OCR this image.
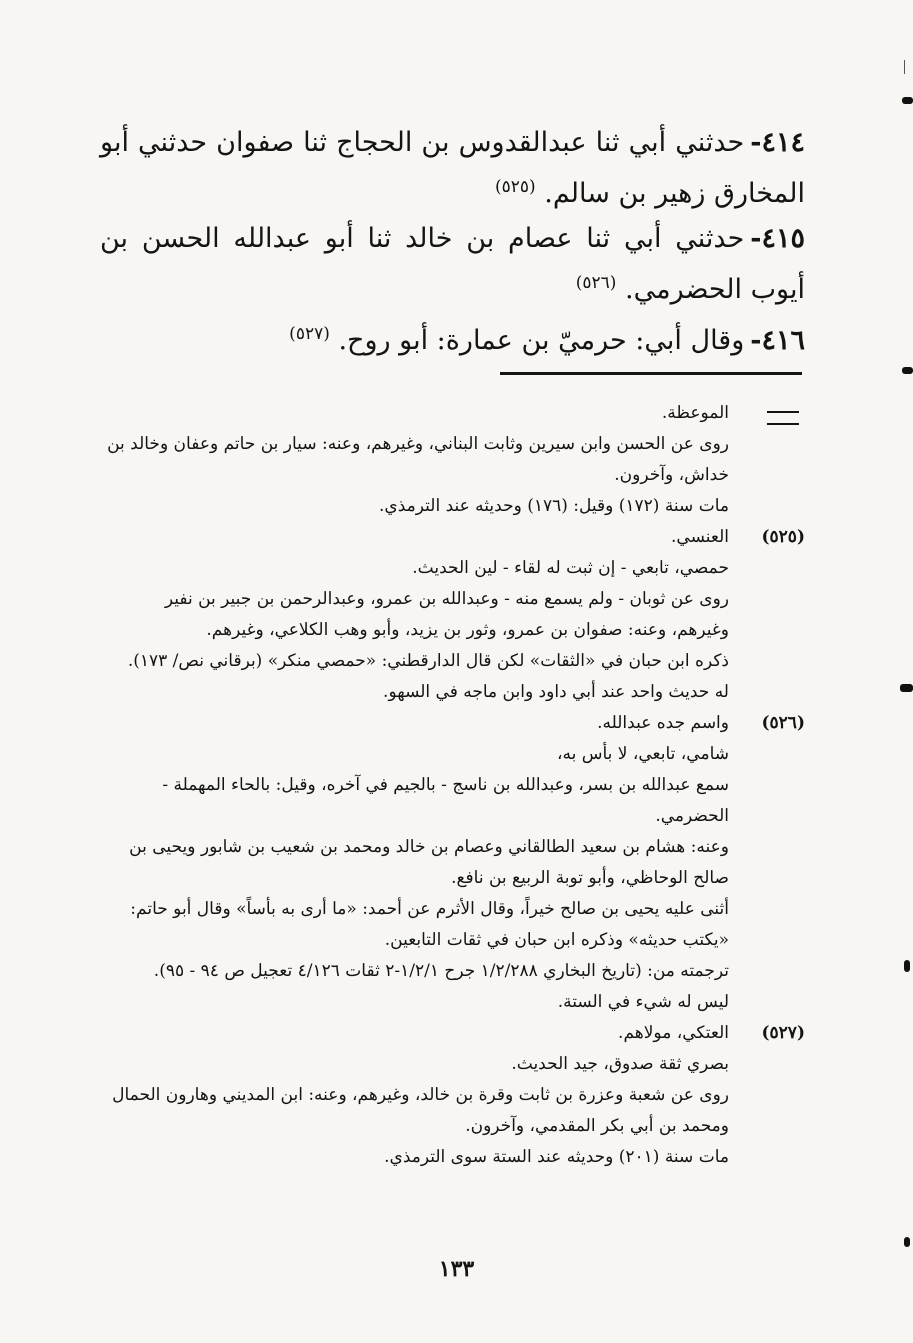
٤١٤-حدثني أبي ثنا عبدالقدوس بن الحجاج ثنا صفوان حدثني أبو المخارق زهير بن سالم. $^{(٥٢٥)}$

٤١٥-حدثني أبي ثنا عصام بن خالد ثنا أبو عبدالله الحسن بن أيوب الحضرمي. $^{(٥٢٦)}$

٤١٦-وقال أبي: حرميّ بن عمارة: أبو روح. $^{(٥٢٧)}$

الموعظة.

روى عن الحسن وابن سيرين وثابت البناني، وغيرهم، وعنه: سيار بن حاتم وعفان وخالد بن خداش، وآخرون.

مات سنة (١٧٢) وقيل: (١٧٦) وحديثه عند الترمذي.

(٥٢٥)

العنسي.

حمصي، تابعي - إن ثبت له لقاء - لين الحديث.

روى عن ثوبان - ولم يسمع منه - وعبدالله بن عمرو، وعبدالرحمن بن جبير بن نفير وغيرهم، وعنه: صفوان بن عمرو، وثور بن يزيد، وأبو وهب الكلاعي، وغيرهم.

ذكره ابن حبان في «الثقات» لكن قال الدارقطني: «حمصي منكر» (برقاني نص/ ١٧٣).

له حديث واحد عند أبي داود وابن ماجه في السهو.

(٥٢٦)

واسم جده عبدالله.

شامي، تابعي، لا بأس به،

سمع عبدالله بن بسر، وعبدالله بن ناسج - بالجيم في آخره، وقيل: بالحاء المهملة - الحضرمي.

وعنه: هشام بن سعيد الطالقاني وعصام بن خالد ومحمد بن شعيب بن شابور ويحيى بن صالح الوحاظي، وأبو توبة الربيع بن نافع.

أثنى عليه يحيى بن صالح خيراً، وقال الأثرم عن أحمد: «ما أرى به بأساً» وقال أبو حاتم: «يكتب حديثه» وذكره ابن حبان في ثقات التابعين.

ترجمته من: (تاريخ البخاري ١/٢/٢٨٨ جرح ١/٢/١-٢ ثقات ٤/١٢٦ تعجيل ص ٩٤ - ٩٥).

ليس له شيء في الستة.

(٥٢٧)

العتكي، مولاهم.

بصري ثقة صدوق، جيد الحديث.

روى عن شعبة وعزرة بن ثابت وقرة بن خالد، وغيرهم، وعنه: ابن المديني وهارون الحمال ومحمد بن أبي بكر المقدمي، وآخرون.

مات سنة (٢٠١) وحديثه عند الستة سوى الترمذي.

١٣٣
